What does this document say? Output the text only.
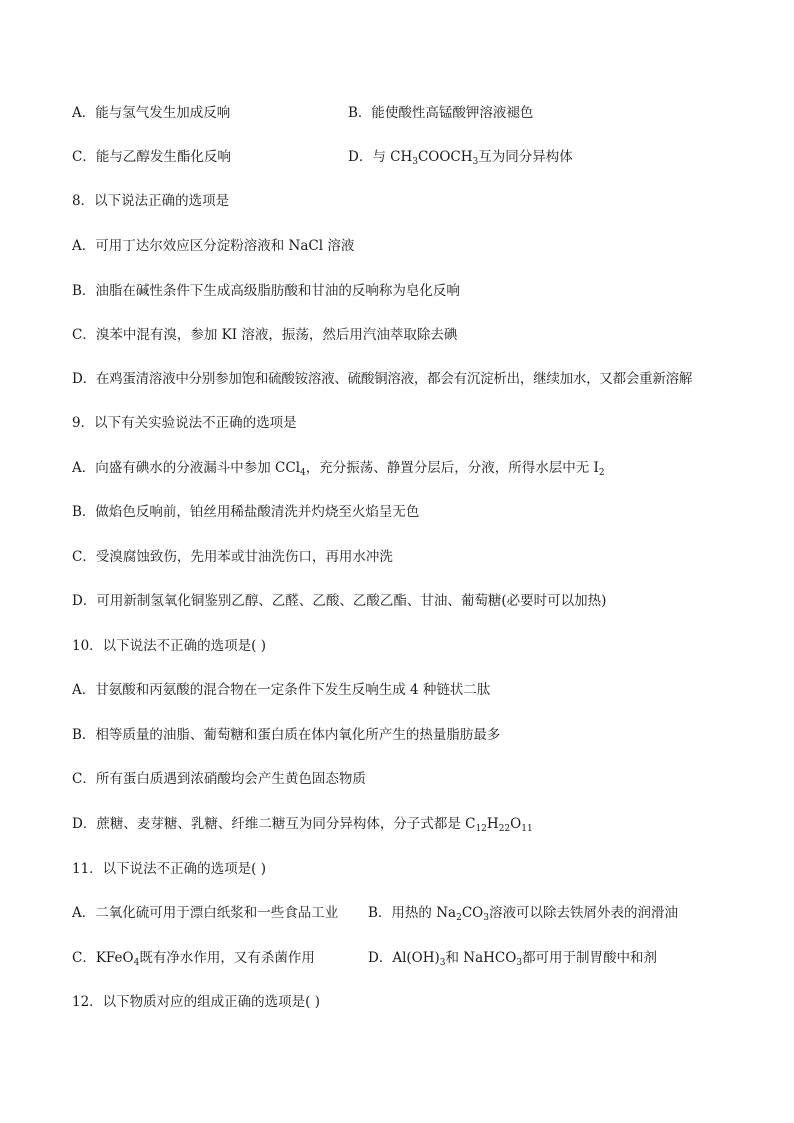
A．能与氢气发生加成反响	B．能使酸性高锰酸钾溶液褪色
C．能与乙醇发生酯化反响	D．与 $CH_3COOCH_3$互为同分异构体
8．以下说法正确的选项是
A．可用丁达尔效应区分淀粉溶液和 NaCl 溶液
B．油脂在碱性条件下生成高级脂肪酸和甘油的反响称为皂化反响
C．溴苯中混有溴，参加 KI 溶液，振荡，然后用汽油萃取除去碘
D．在鸡蛋清溶液中分别参加饱和硫酸铵溶液、硫酸铜溶液，都会有沉淀析出，继续加水，又都会重新溶解
9．以下有关实验说法不正确的选项是
A．向盛有碘水的分液漏斗中参加 CCl$_4$，充分振荡、静置分层后，分液，所得水层中无 $I_2$
B．做焰色反响前，铂丝用稀盐酸清洗并灼烧至火焰呈无色
C．受溴腐蚀致伤，先用苯或甘油洗伤口，再用水冲洗
D．可用新制氢氧化铜鉴别乙醇、乙醛、乙酸、乙酸乙酯、甘油、葡萄糖(必要时可以加热)
10．以下说法不正确的选项是( )
A．甘氨酸和丙氨酸的混合物在一定条件下发生反响生成 4 种链状二肽
B．相等质量的油脂、葡萄糖和蛋白质在体内氧化所产生的热量脂肪最多
C．所有蛋白质遇到浓硝酸均会产生黄色固态物质
D．蔗糖、麦芽糖、乳糖、纤维二糖互为同分异构体，分子式都是 $C_{12}H_{22}O_{11}$
11．以下说法不正确的选项是( )
A．二氧化硫可用于漂白纸浆和一些食品工业 B．用热的 $Na_2CO_3$溶液可以除去铁屑外表的润滑油
C．KFeO$_4$既有净水作用，又有杀菌作用	D．$Al(OH)_3$和 NaHCO$_3$都可用于制胃酸中和剂
12．以下物质对应的组成正确的选项是( )
